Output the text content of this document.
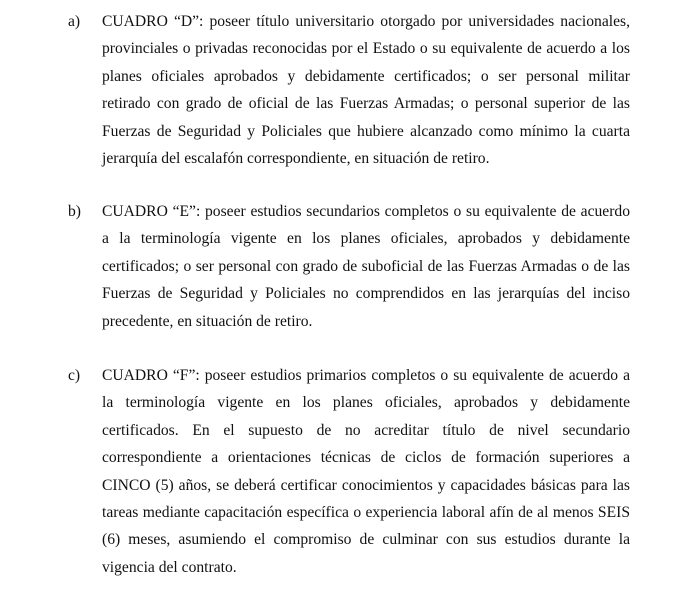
a)	CUADRO “D”: poseer título universitario otorgado por universidades nacionales, provinciales o privadas reconocidas por el Estado o su equivalente de acuerdo a los planes oficiales aprobados y debidamente certificados; o ser personal militar retirado con grado de oficial de las Fuerzas Armadas; o personal superior de las Fuerzas de Seguridad y Policiales que hubiere alcanzado como mínimo la cuarta jerarquía del escalafón correspondiente, en situación de retiro.
b)	CUADRO “E”: poseer estudios secundarios completos o su equivalente de acuerdo a la terminología vigente en los planes oficiales, aprobados y debidamente certificados; o ser personal con grado de suboficial de las Fuerzas Armadas o de las Fuerzas de Seguridad y Policiales no comprendidos en las jerarquías del inciso precedente, en situación de retiro.
c)	CUADRO “F”: poseer estudios primarios completos o su equivalente de acuerdo a la terminología vigente en los planes oficiales, aprobados y debidamente certificados. En el supuesto de no acreditar título de nivel secundario correspondiente a orientaciones técnicas de ciclos de formación superiores a CINCO (5) años, se deberá certificar conocimientos y capacidades básicas para las tareas mediante capacitación específica o experiencia laboral afín de al menos SEIS (6) meses, asumiendo el compromiso de culminar con sus estudios durante la vigencia del contrato.
